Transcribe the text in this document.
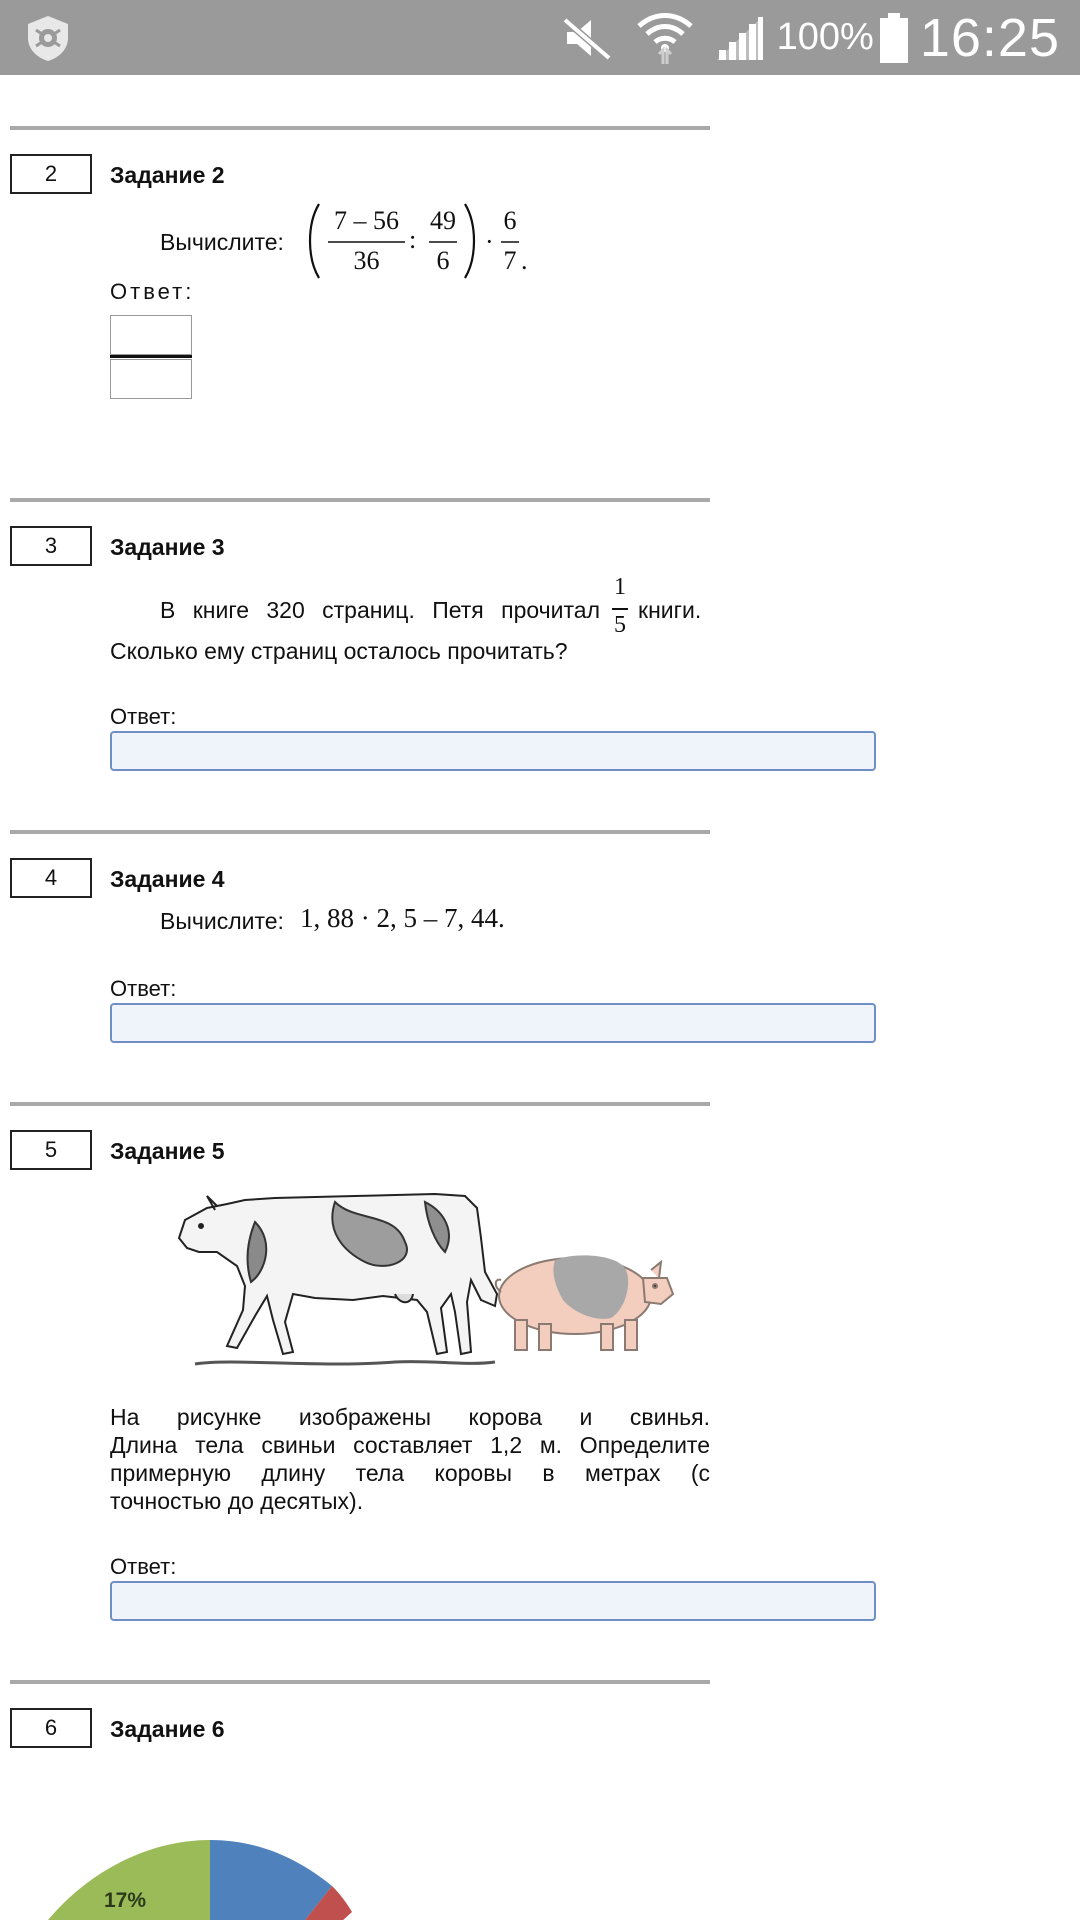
100% 16:25
2	Задание 2
Вычислите:
7 – 56
36
:
49
6
·
6
7 .
Ответ:
3	Задание 3
В книге 320 страниц. Петя прочитал
1
5
книги.
Сколько ему страниц осталось прочитать?
Ответ:
4	Задание 4
Вычислите: 1, 88 · 2, 5 – 7, 44.
Ответ:
5	Задание 5
На рисунке изображены корова и свинья.
Длина тела свиньи составляет 1,2 м. Определите
примерную длину тела коровы в метрах (с
точностью до десятых).
Ответ:
6	Задание 6
17%
